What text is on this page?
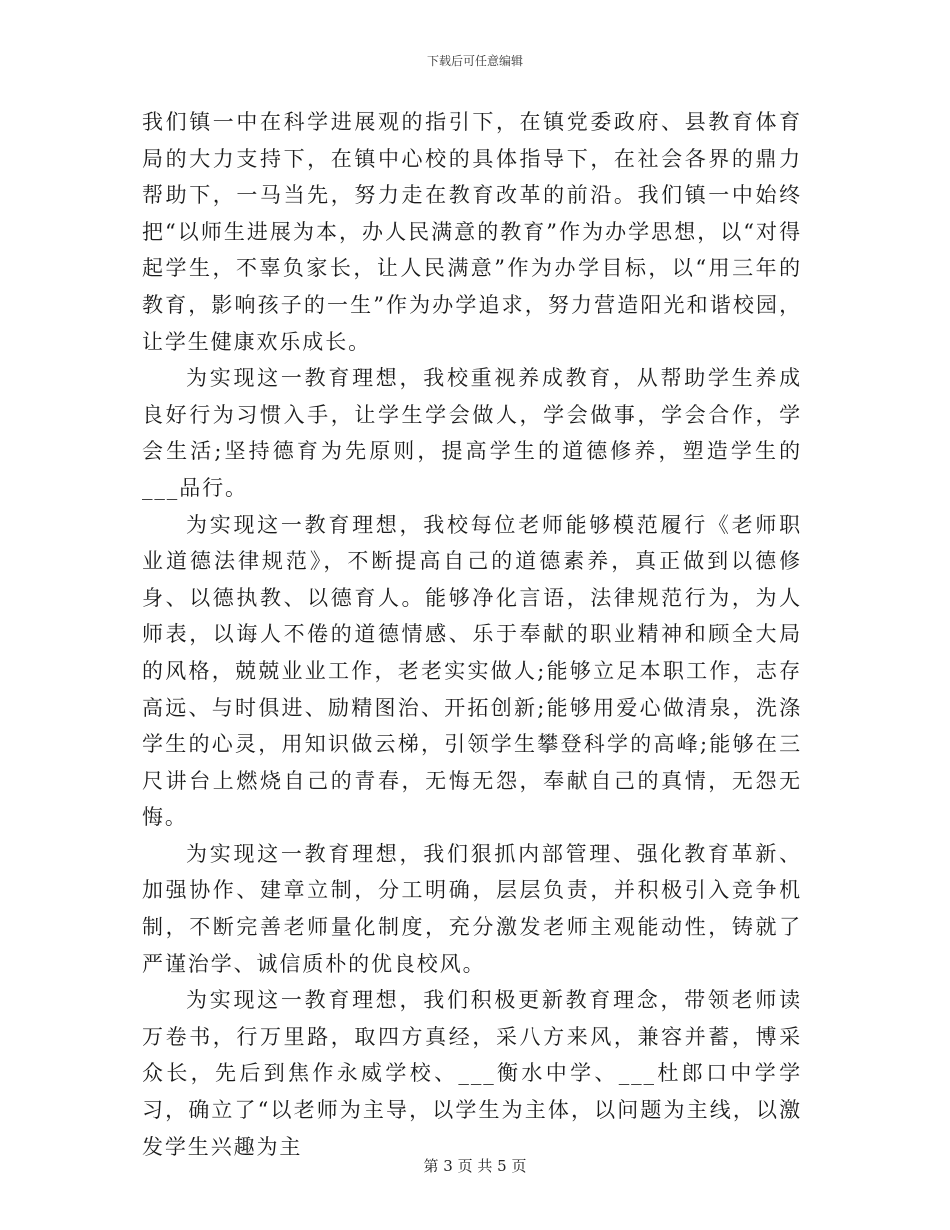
下载后可任意编辑

我们镇一中在科学进展观的指引下，在镇党委政府、县教育体育局的大力支持下，在镇中心校的具体指导下，在社会各界的鼎力帮助下，一马当先，努力走在教育改革的前沿。我们镇一中始终把“以师生进展为本，办人民满意的教育”作为办学思想，以“对得起学生，不辜负家长，让人民满意”作为办学目标，以“用三年的教育，影响孩子的一生”作为办学追求，努力营造阳光和谐校园，让学生健康欢乐成长。

为实现这一教育理想，我校重视养成教育，从帮助学生养成良好行为习惯入手，让学生学会做人，学会做事，学会合作，学会生活;坚持德育为先原则，提高学生的道德修养，塑造学生的___品行。

为实现这一教育理想，我校每位老师能够模范履行《老师职业道德法律规范》，不断提高自己的道德素养，真正做到以德修身、以德执教、以德育人。能够净化言语，法律规范行为，为人师表，以诲人不倦的道德情感、乐于奉献的职业精神和顾全大局的风格，兢兢业业工作，老老实实做人;能够立足本职工作，志存高远、与时俱进、励精图治、开拓创新;能够用爱心做清泉，洗涤学生的心灵，用知识做云梯，引领学生攀登科学的高峰;能够在三尺讲台上燃烧自己的青春，无悔无怨，奉献自己的真情，无怨无悔。

为实现这一教育理想，我们狠抓内部管理、强化教育革新、加强协作、建章立制，分工明确，层层负责，并积极引入竞争机制，不断完善老师量化制度，充分激发老师主观能动性，铸就了严谨治学、诚信质朴的优良校风。

为实现这一教育理想，我们积极更新教育理念，带领老师读万卷书，行万里路，取四方真经，采八方来风，兼容并蓄，博采众长，先后到焦作永威学校、___衡水中学、___杜郎口中学学习，确立了“以老师为主导，以学生为主体，以问题为主线，以激发学生兴趣为主

第 3 页 共 5 页
